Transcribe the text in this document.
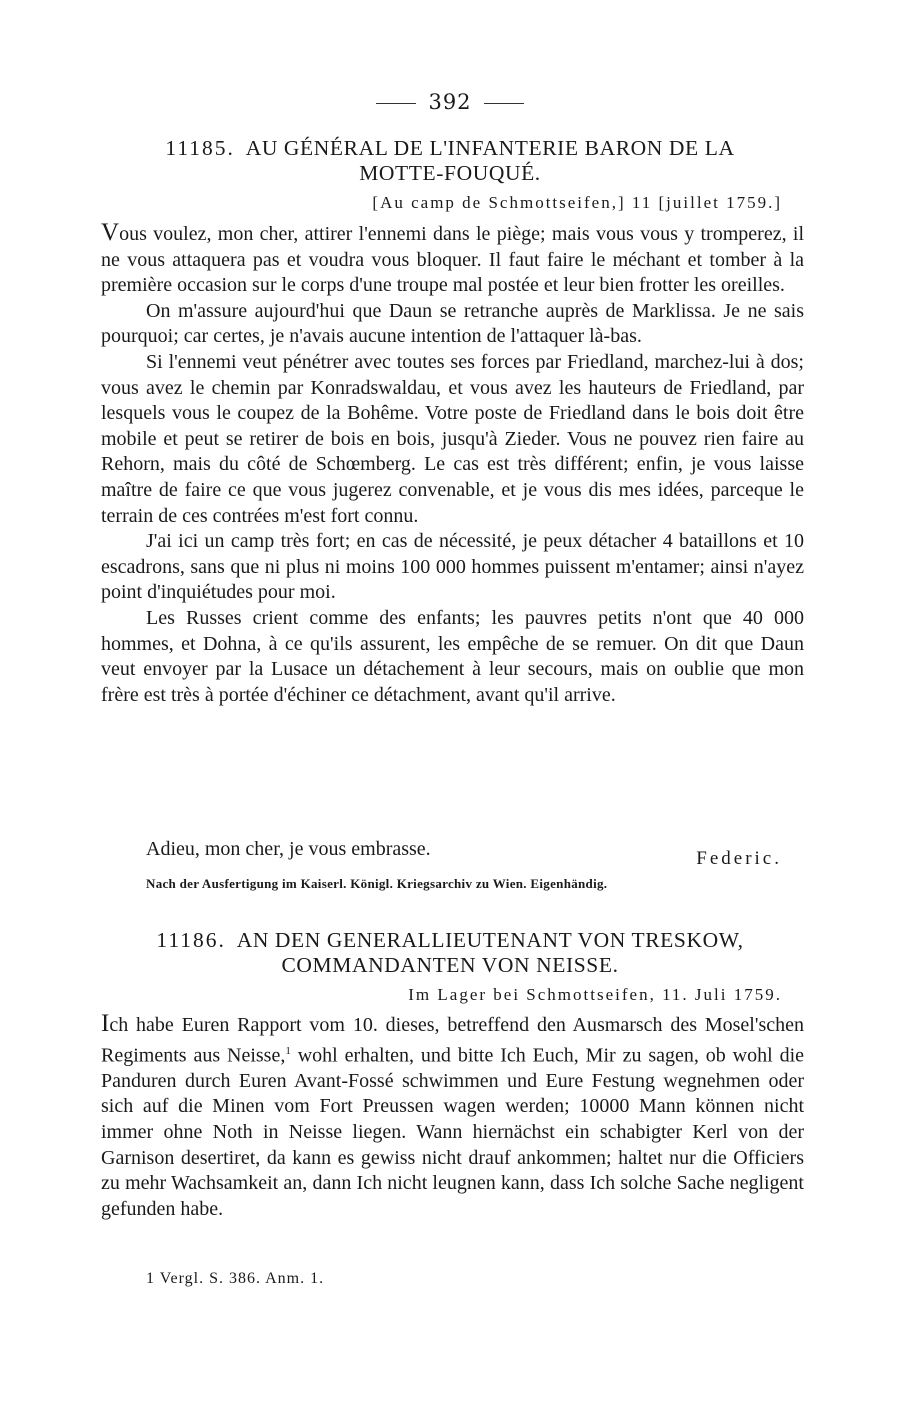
392
11185. AU GÉNÉRAL DE L'INFANTERIE BARON DE LA
MOTTE-FOUQUÉ.
[Au camp de Schmottseifen,] 11 [juillet 1759.]

Vous voulez, mon cher, attirer l'ennemi dans le piège; mais vous vous y tromperez, il ne vous attaquera pas et voudra vous bloquer. Il faut faire le méchant et tomber à la première occasion sur le corps d'une troupe mal postée et leur bien frotter les oreilles.

On m'assure aujourd'hui que Daun se retranche auprès de Marklissa. Je ne sais pourquoi; car certes, je n'avais aucune intention de l'attaquer là-bas.

Si l'ennemi veut pénétrer avec toutes ses forces par Friedland, marchez-lui à dos; vous avez le chemin par Konradswaldau, et vous avez les hauteurs de Friedland, par lesquels vous le coupez de la Bohême. Votre poste de Friedland dans le bois doit être mobile et peut se retirer de bois en bois, jusqu'à Zieder. Vous ne pouvez rien faire au Rehorn, mais du côté de Schœmberg. Le cas est très différent; enfin, je vous laisse maître de faire ce que vous jugerez convenable, et je vous dis mes idées, parceque le terrain de ces contrées m'est fort connu.

J'ai ici un camp très fort; en cas de nécessité, je peux détacher 4 bataillons et 10 escadrons, sans que ni plus ni moins 100 000 hommes puissent m'entamer; ainsi n'ayez point d'inquiétudes pour moi.

Les Russes crient comme des enfants; les pauvres petits n'ont que 40 000 hommes, et Dohna, à ce qu'ils assurent, les empêche de se remuer. On dit que Daun veut envoyer par la Lusace un détachement à leur secours, mais on oublie que mon frère est très à portée d'échiner ce détachment, avant qu'il arrive.

Adieu, mon cher, je vous embrasse.	Federic.
Nach der Ausfertigung im Kaiserl. Königl. Kriegsarchiv zu Wien. Eigenhändig.
11186. AN DEN GENERALLIEUTENANT VON TRESKOW,
COMMANDANTEN VON NEISSE.
Im Lager bei Schmottseifen, 11. Juli 1759.

Ich habe Euren Rapport vom 10. dieses, betreffend den Ausmarsch des Mosel'schen Regiments aus Neisse,$^1$ wohl erhalten, und bitte Ich Euch, Mir zu sagen, ob wohl die Panduren durch Euren Avant-Fossé schwimmen und Eure Festung wegnehmen oder sich auf die Minen vom Fort Preussen wagen werden; 10000 Mann können nicht immer ohne Noth in Neisse liegen. Wann hiernächst ein schabigter Kerl von der Garnison desertiret, da kann es gewiss nicht drauf ankommen; haltet nur die Officiers zu mehr Wachsamkeit an, dann Ich nicht leugnen kann, dass Ich solche Sache negligent gefunden habe.

1 Vergl. S. 386. Anm. 1.
